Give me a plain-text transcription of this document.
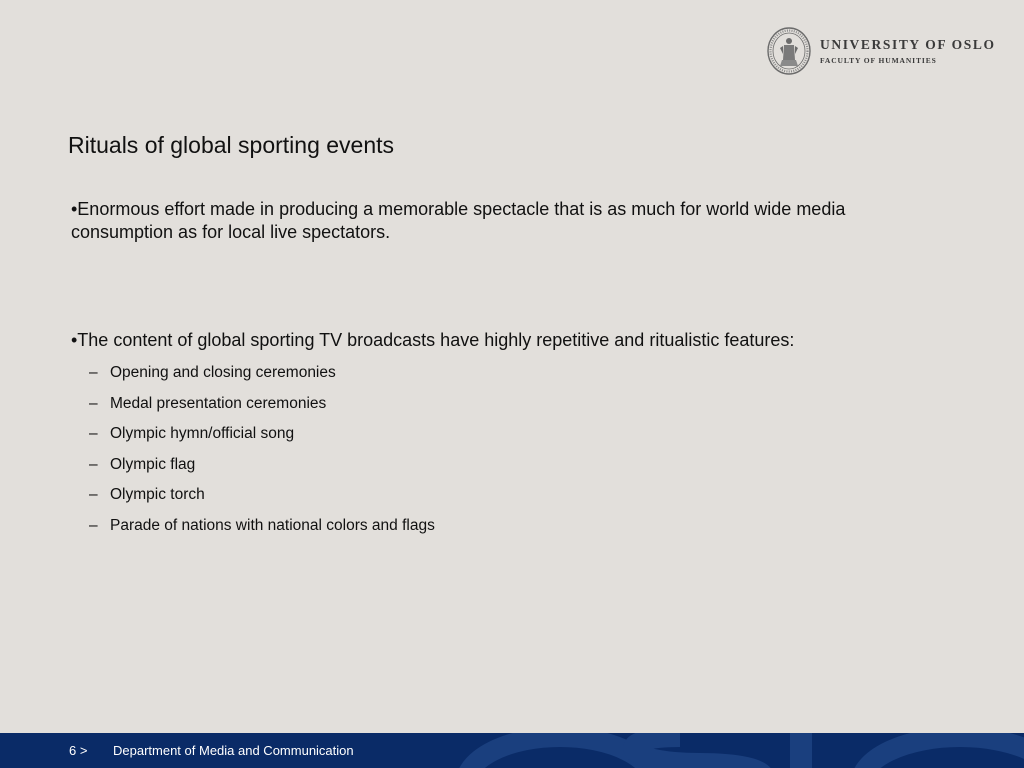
UNIVERSITY OF OSLO
FACULTY OF HUMANITIES
Rituals of global sporting events

•Enormous effort made in producing a memorable spectacle that is as much for world wide media consumption as for local live spectators.

•The content of global sporting TV broadcasts have highly repetitive and ritualistic features:

– Opening and closing ceremonies
– Medal presentation ceremonies
– Olympic hymn/official song
– Olympic flag
– Olympic torch
– Parade of nations with national colors and flags
6 > Department of Media and Communication
